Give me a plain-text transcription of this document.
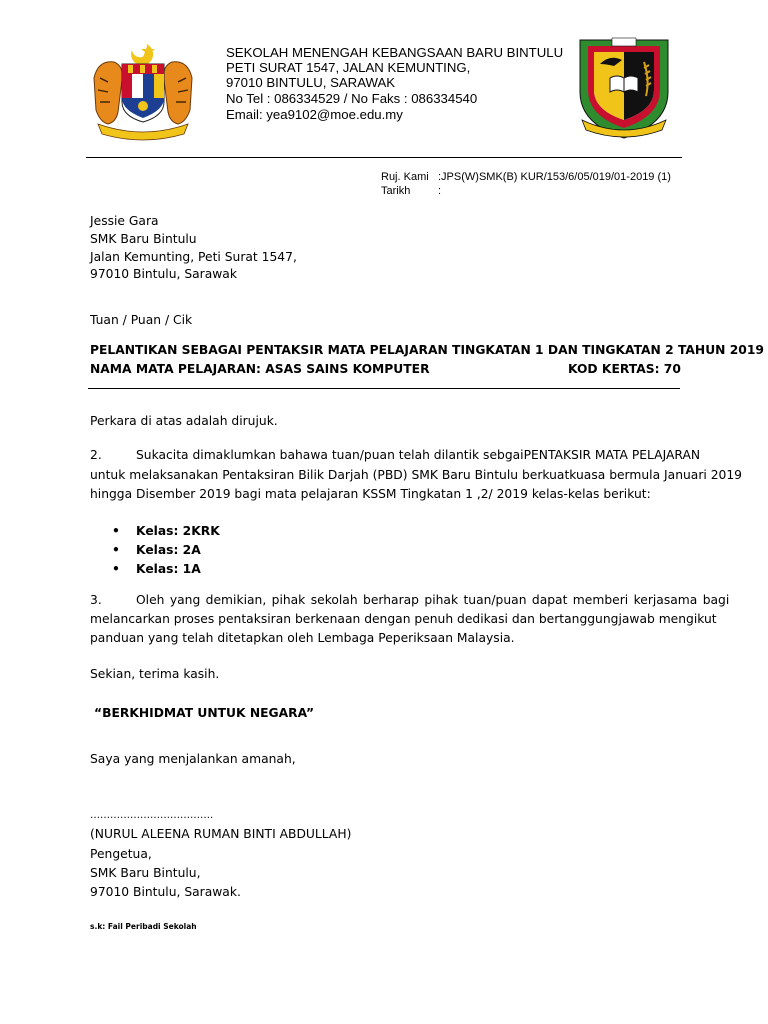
SEKOLAH MENENGAH KEBANGSAAN BARU BINTULU
PETI SURAT 1547, JALAN KEMUNTING,
97010 BINTULU, SARAWAK
No Tel : 086334529 / No Faks : 086334540
Email: yea9102@moe.edu.my
Ruj. Kami :JPS(W)SMK(B) KUR/153/6/05/019/01-2019 (1)
Tarikh	:
Jessie Gara
SMK Baru Bintulu
Jalan Kemunting, Peti Surat 1547,
97010 Bintulu, Sarawak
Tuan / Puan / Cik
PELANTIKAN SEBAGAI PENTAKSIR MATA PELAJARAN TINGKATAN 1 DAN TINGKATAN 2 TAHUN 2019
NAMA MATA PELAJARAN: ASAS SAINS KOMPUTER	KOD KERTAS: 70
Perkara di atas adalah dirujuk.
2.	Sukacita dimaklumkan bahawa tuan/puan telah dilantik sebgai PENTAKSIR MATA PELAJARAN
untuk melaksanakan Pentaksiran Bilik Darjah (PBD) SMK Baru Bintulu berkuatkuasa bermula Januari 2019
hingga Disember 2019 bagi mata pelajaran KSSM Tingkatan 1 ,2/ 2019 kelas-kelas berikut:
• Kelas: 2KRK
• Kelas: 2A
• Kelas: 1A
3.	Oleh yang demikian, pihak sekolah berharap pihak tuan/puan dapat memberi kerjasama bagi
melancarkan proses pentaksiran berkenaan dengan penuh dedikasi dan bertanggungjawab mengikut
panduan yang telah ditetapkan oleh Lembaga Peperiksaan Malaysia.
Sekian, terima kasih.
“BERKHIDMAT UNTUK NEGARA”
Saya yang menjalankan amanah,
……………………………….
(NURUL ALEENA RUMAN BINTI ABDULLAH)
Pengetua,
SMK Baru Bintulu,
97010 Bintulu, Sarawak.
s.k: Fail Peribadi Sekolah
